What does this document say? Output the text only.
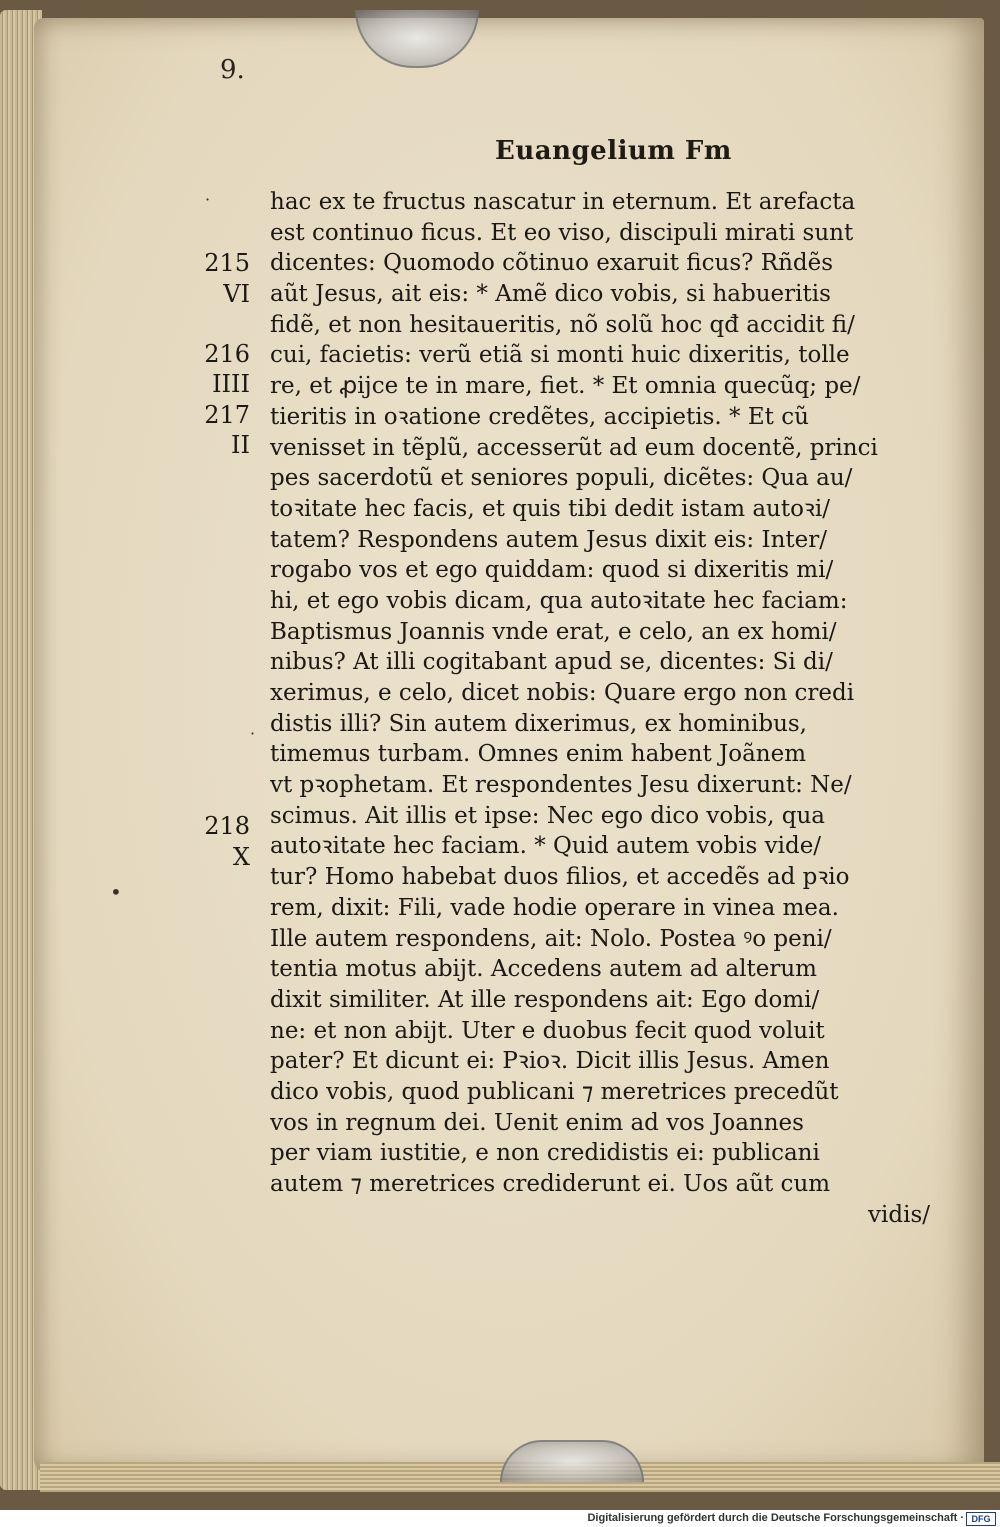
9.
Euangelium Fm
hac ex te fructus nascatur in eternum. Et arefacta
est continuo ficus. Et eo viso, discipuli mirati sunt
dicentes: Quomodo cõtinuo exaruit ficus? Rñdẽs
aũt Jesus, ait eis: * Amẽ dico vobis, si habueritis
fidẽ, et non hesitaueritis, nõ solũ hoc qđ accidit fi/
cui, facietis: verũ etiã si monti huic dixeritis, tolle
re, et ꝓijce te in mare, fiet. * Et omnia quecũq; pe/
tieritis in oꝛatione credẽtes, accipietis. * Et cũ
venisset in tẽplũ, accesserũt ad eum docentẽ, princi
pes sacerdotũ et seniores populi, dicẽtes: Qua au/
toꝛitate hec facis, et quis tibi dedit istam autoꝛi/
tatem? Respondens autem Jesus dixit eis: Inter/
rogabo vos et ego quiddam: quod si dixeritis mi/
hi, et ego vobis dicam, qua autoꝛitate hec faciam:
Baptismus Joannis vnde erat, e celo, an ex homi/
nibus? At illi cogitabant apud se, dicentes: Si di/
xerimus, e celo, dicet nobis: Quare ergo non credi
distis illi? Sin autem dixerimus, ex hominibus,
timemus turbam. Omnes enim habent Joãnem
vt pꝛophetam. Et respondentes Jesu dixerunt: Ne/
scimus. Ait illis et ipse: Nec ego dico vobis, qua
autoꝛitate hec faciam. * Quid autem vobis vide/
tur? Homo habebat duos filios, et accedẽs ad pꝛio
rem, dixit: Fili, vade hodie operare in vinea mea.
Ille autem respondens, ait: Nolo. Postea ꝰo peni/
tentia motus abijt. Accedens autem ad alterum
dixit similiter. At ille respondens ait: Ego domi/
ne: et non abijt. Uter e duobus fecit quod voluit
pater? Et dicunt ei: Pꝛioꝛ. Dicit illis Jesus. Amen
dico vobis, quod publicani ⁊ meretrices precedũt
vos in regnum dei. Uenit enim ad vos Joannes
per viam iustitie, e non credidistis ei: publicani
autem ⁊ meretrices crediderunt ei. Uos aũt cum
vidis/
215
VI
216
IIII
217
II
218
X
·
•
·
Digitalisierung gefördert durch die Deutsche Forschungsgemeinschaft · DFG
